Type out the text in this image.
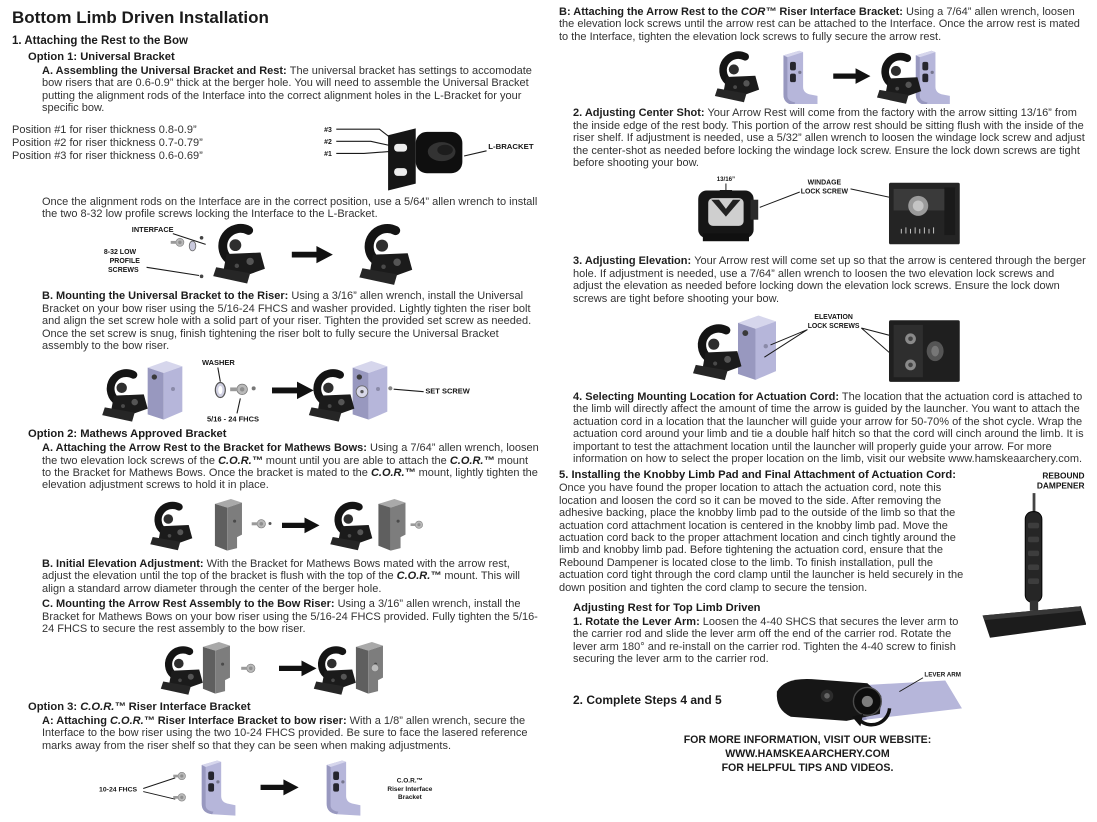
Bottom Limb Driven Installation
1. Attaching the Rest to the Bow
Option 1: Universal Bracket

A. Assembling the Universal Bracket and Rest: The universal bracket has settings to accomodate bow risers that are 0.6-0.9” thick at the berger hole. You will need to assemble the Universal Bracket putting the alignment rods of the Interface into the correct alignment holes in the L-Bracket for your specific bow.

Position #1 for riser thickness 0.8-0.9”
Position #2 for riser thickness 0.7-0.79”
Position #3 for riser thickness 0.6-0.69”
#3
#2
#1
L-BRACKET

Once the alignment rods on the Interface are in the correct position, use a 5/64” allen wrench to install the two 8-32 low profile screws locking the Interface to the L-Bracket.

INTERFACE
8-32 LOW
PROFILE
SCREWS

B. Mounting the Universal Bracket to the Riser: Using a 3/16” allen wrench, install the Universal Bracket on your bow riser using the 5/16-24 FHCS and washer provided. Lightly tighten the riser bolt and align the set screw hole with a solid part of your riser. Tighten the provided set screw as needed. Once the set screw is snug, finish tightening the riser bolt to fully secure the Universal Bracket assembly to the bow riser.

WASHER
5/16 - 24 FHCS
SET SCREW
Option 2: Mathews Approved Bracket

A. Attaching the Arrow Rest to the Bracket for Mathews Bows: Using a 7/64” allen wrench, loosen the two elevation lock screws of the C.O.R.™ mount until you are able to attach the C.O.R.™ mount to the Bracket for Mathews Bows. Once the bracket is mated to the C.O.R.™ mount, lightly tighten the elevation adjustment screws to hold it in place.

B. Initial Elevation Adjustment: With the Bracket for Mathews Bows mated with the arrow rest, adjust the elevation until the top of the bracket is flush with the top of the C.O.R.™ mount. This will align a standard arrow diameter through the center of the berger hole.

C. Mounting the Arrow Rest Assembly to the Bow Riser: Using a 3/16” allen wrench, install the Bracket for Mathews Bows on your bow riser using the 5/16-24 FHCS provided. Fully tighten the 5/16-24 FHCS to secure the rest assembly to the bow riser.

Option 3: C.O.R.™ Riser Interface Bracket

A: Attaching C.O.R.™ Riser Interface Bracket to bow riser: With a 1/8” allen wrench, secure the Interface to the bow riser using the two 10-24 FHCS provided. Be sure to face the lasered reference marks away from the riser shelf so that they can be seen when making adjustments.

10-24 FHCS
C.O.R.™
Riser Interface
Bracket

B: Attaching the Arrow Rest to the COR™ Riser Interface Bracket: Using a 7/64” allen wrench, loosen the elevation lock screws until the arrow rest can be attached to the Interface. Once the arrow rest is mated to the Interface, tighten the elevation lock screws to fully secure the arrow rest.

2. Adjusting Center Shot: Your Arrow Rest will come from the factory with the arrow sitting 13/16” from the inside edge of the rest body. This portion of the arrow rest should be sitting flush with the inside of the riser shelf. If adjustment is needed, use a 5/32” allen wrench to loosen the windage lock screw and adjust the center-shot as needed before locking the windage lock screw. Ensure the lock down screws are tight before shooting your bow.

13/16”	WINDAGE
LOCK SCREW

3. Adjusting Elevation: Your Arrow rest will come set up so that the arrow is centered through the berger hole. If adjustment is needed, use a 7/64” allen wrench to loosen the two elevation lock screws and adjust the elevation as needed before locking down the elevation lock screws. Ensure the lock down screws are tight before shooting your bow.

ELEVATION
LOCK SCREWS

4. Selecting Mounting Location for Actuation Cord: The location that the actuation cord is attached to the limb will directly affect the amount of time the arrow is guided by the launcher. You want to attach the actuation cord in a location that the launcher will guide your arrow for 50-70% of the shot cycle. Wrap the actuation cord around your limb and tie a double half hitch so that the cord will cinch around the limb. It is important to test the attachment location until the launcher will properly guide your arrow. For more information on how to select the proper location on the limb, visit our website www.hamskeaarchery.com.

REBOUND
DAMPENER
5. Installing the Knobby Limb Pad and Final Attachment of Actuation Cord:

Once you have found the proper location to attach the actuation cord, note this location and loosen the cord so it can be moved to the side. After removing the adhesive backing, place the knobby limb pad to the outside of the limb so that the actuation cord attachment location is centered in the knobby limb pad. Move the actuation cord back to the proper attachment location and cinch tightly around the limb and knobby limb pad. Before tightening the actuation cord, ensure that the Rebound Dampener is located close to the limb. To finish installation, pull the actuation cord tight through the cord clamp until the launcher is held securely in the down position and tighten the cord clamp to secure the tension.

Adjusting Rest for Top Limb Driven

1. Rotate the Lever Arm: Loosen the 4-40 SHCS that secures the lever arm to the carrier rod and slide the lever arm off the end of the carrier rod. Rotate the lever arm 180° and re-install on the carrier rod. Tighten the 4-40 screw to finish securing the lever arm to the carrier rod.

2. Complete Steps 4 and 5
LEVER ARM
FOR MORE INFORMATION, VISIT OUR WEBSITE:
WWW.HAMSKEAARCHERY.COM
FOR HELPFUL TIPS AND VIDEOS.
